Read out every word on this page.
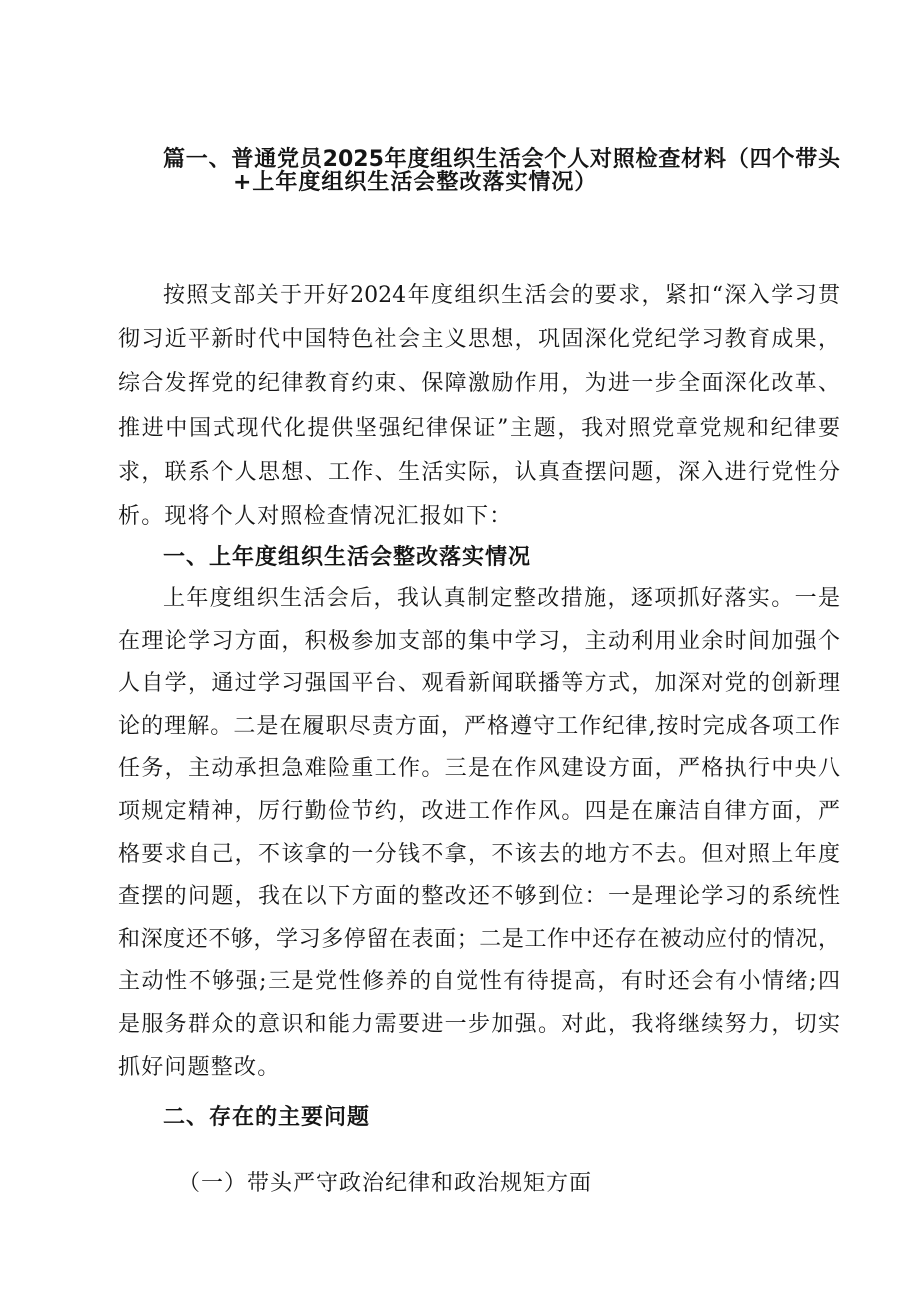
篇一、普通党员2025年度组织生活会个人对照检查材料（四个带头
+上年度组织生活会整改落实情况）
按照支部关于开好2024年度组织生活会的要求，紧扣“深入学习贯
彻习近平新时代中国特色社会主义思想，巩固深化党纪学习教育成果，
综合发挥党的纪律教育约束、保障激励作用，为进一步全面深化改革、
推进中国式现代化提供坚强纪律保证”主题，我对照党章党规和纪律要
求，联系个人思想、工作、生活实际，认真查摆问题，深入进行党性分
析。现将个人对照检查情况汇报如下：
一、上年度组织生活会整改落实情况
上年度组织生活会后，我认真制定整改措施，逐项抓好落实。一是
在理论学习方面，积极参加支部的集中学习，主动利用业余时间加强个
人自学，通过学习强国平台、观看新闻联播等方式，加深对党的创新理
论的理解。二是在履职尽责方面，严格遵守工作纪律,按时完成各项工作
任务，主动承担急难险重工作。三是在作风建设方面，严格执行中央八
项规定精神，厉行勤俭节约，改进工作作风。四是在廉洁自律方面，严
格要求自己，不该拿的一分钱不拿，不该去的地方不去。但对照上年度
查摆的问题，我在以下方面的整改还不够到位：一是理论学习的系统性
和深度还不够，学习多停留在表面；二是工作中还存在被动应付的情况，
主动性不够强;三是党性修养的自觉性有待提高，有时还会有小情绪;四
是服务群众的意识和能力需要进一步加强。对此，我将继续努力，切实
抓好问题整改。
二、存在的主要问题
（一）带头严守政治纪律和政治规矩方面
